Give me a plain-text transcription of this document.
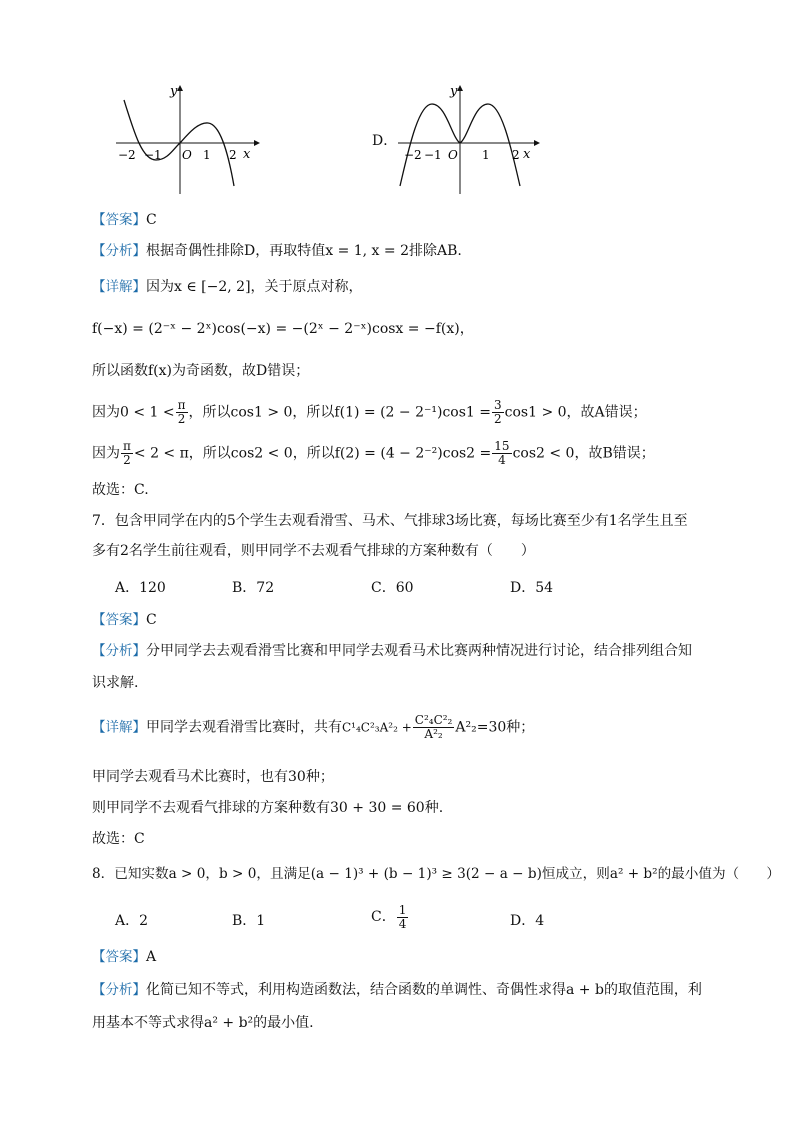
y
x
O
−2 −1	1 2
D．
y
x
O
−2 −1	1 2
【答案】C
【分析】根据奇偶性排除D，再取特值x = 1, x = 2排除AB.
【详解】因为x ∈ [−2, 2]，关于原点对称，
f(−x) = (2⁻ˣ − 2ˣ)cos(−x) = −(2ˣ − 2⁻ˣ)cosx = −f(x)，
所以函数f(x)为奇函数，故D错误；
因为$0 < 1 < \frac{\pi}{2}$ ，所以cos1 > 0，所以$f(1) = (2 - 2^{-1})\cos 1 = \frac{3}{2} \cos 1 > 0$，故A错误；
因为 $\frac{\pi}{2} < 2 < \pi$，所以cos2 < 0，所以$f(2) = (4 - 2^{-2})\cos 2 = \frac{15}{4} \cos 2 < 0$，故B错误；
故选：C.
7．包含甲同学在内的5个学生去观看滑雪、马术、气排球3场比赛，每场比赛至少有1名学生且至
多有2名学生前往观看，则甲同学不去观看气排球的方案种数有（　　）
A．120	B．72	C．60	D．54
【答案】C
【分析】分甲同学去去观看滑雪比赛和甲同学去观看马术比赛两种情况进行讨论，结合排列组合知
识求解.
【详解】甲同学去观看滑雪比赛时，共有$C^1_4C^2_3A^2_2 + \frac{\text{C²₄C²₂}}{\text{A²₂}} A^2_2=30$种；
甲同学去观看马术比赛时，也有30种；
则甲同学不去观看气排球的方案种数有30 + 30 = 60种.
故选：C
8．已知实数a > 0，b > 0，且满足(a − 1)³ + (b − 1)³ ≥ 3(2 − a − b)恒成立，则a² + b²的最小值为（　　）
A．2	B．1	C． $\frac{1}{4}$	D．4
【答案】A
【分析】化简已知不等式，利用构造函数法，结合函数的单调性、奇偶性求得a + b的取值范围，利
用基本不等式求得a² + b²的最小值.
